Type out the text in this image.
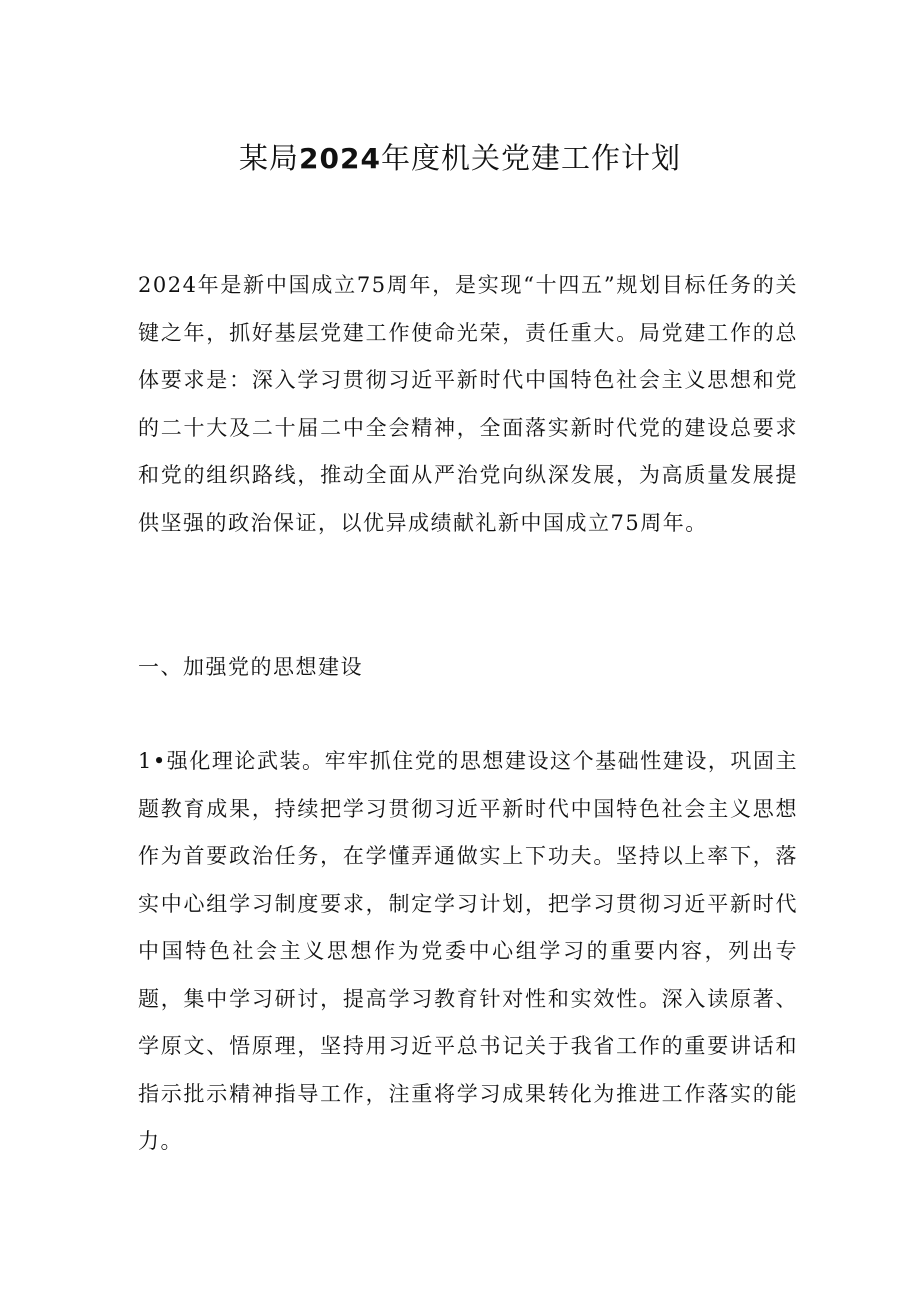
某局2024年度机关党建工作计划

2024年是新中国成立75周年，是实现“十四五”规划目标任务的关键之年，抓好基层党建工作使命光荣，责任重大。局党建工作的总体要求是：深入学习贯彻习近平新时代中国特色社会主义思想和党的二十大及二十届二中全会精神，全面落实新时代党的建设总要求和党的组织路线，推动全面从严治党向纵深发展，为高质量发展提供坚强的政治保证，以优异成绩献礼新中国成立75周年。

一、加强党的思想建设

1•强化理论武装。牢牢抓住党的思想建设这个基础性建设，巩固主题教育成果，持续把学习贯彻习近平新时代中国特色社会主义思想作为首要政治任务，在学懂弄通做实上下功夫。坚持以上率下，落实中心组学习制度要求，制定学习计划，把学习贯彻习近平新时代中国特色社会主义思想作为党委中心组学习的重要内容，列出专题，集中学习研讨，提高学习教育针对性和实效性。深入读原著、学原文、悟原理，坚持用习近平总书记关于我省工作的重要讲话和指示批示精神指导工作，注重将学习成果转化为推进工作落实的能力。
